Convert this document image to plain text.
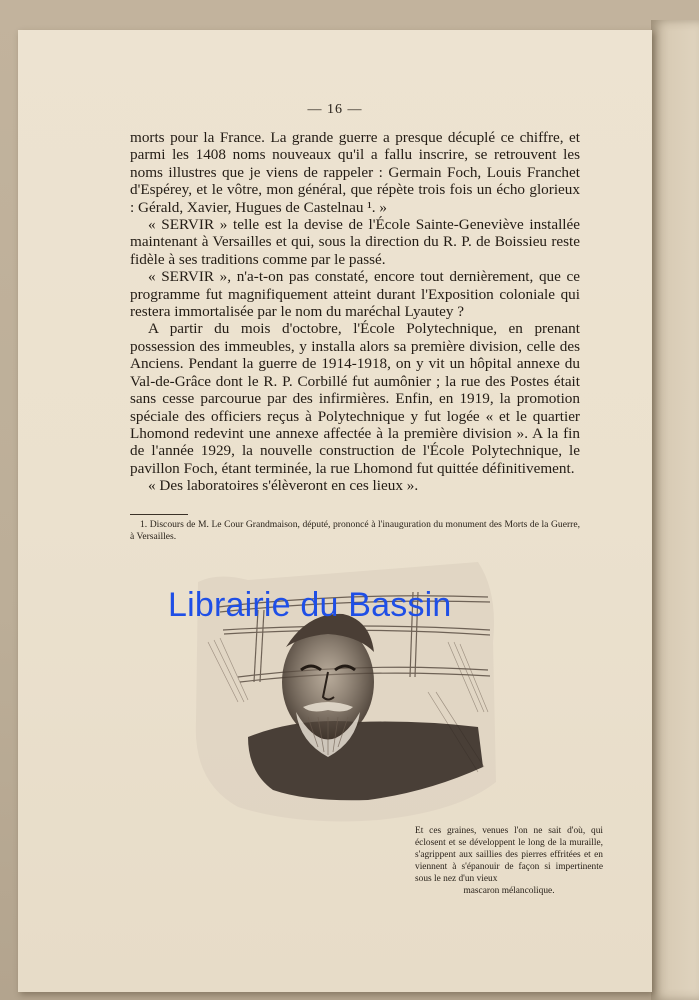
— 16 —

morts pour la France. La grande guerre a presque décuplé ce chiffre, et parmi les 1408 noms nouveaux qu'il a fallu inscrire, se retrouvent les noms illustres que je viens de rappeler : Germain Foch, Louis Franchet d'Espérey, et le vôtre, mon général, que répète trois fois un écho glorieux : Gérald, Xavier, Hugues de Castelnau ¹. »

« SERVIR » telle est la devise de l'École Sainte-Geneviève installée maintenant à Versailles et qui, sous la direction du R. P. de Boissieu reste fidèle à ses traditions comme par le passé.

« SERVIR », n'a-t-on pas constaté, encore tout dernièrement, que ce programme fut magnifiquement atteint durant l'Exposition coloniale qui restera immortalisée par le nom du maréchal Lyautey ?

A partir du mois d'octobre, l'École Polytechnique, en prenant possession des immeubles, y installa alors sa première division, celle des Anciens. Pendant la guerre de 1914-1918, on y vit un hôpital annexe du Val-de-Grâce dont le R. P. Corbillé fut aumônier ; la rue des Postes était sans cesse parcourue par des infirmières. Enfin, en 1919, la promotion spéciale des officiers reçus à Polytechnique y fut logée « et le quartier Lhomond redevint une annexe affectée à la première division ». A la fin de l'année 1929, la nouvelle construction de l'École Polytechnique, le pavillon Foch, étant terminée, la rue Lhomond fut quittée définitivement.

« Des laboratoires s'élèveront en ces lieux ».

1. Discours de M. Le Cour Grandmaison, député, prononcé à l'inauguration du monument des Morts de la Guerre, à Versailles.
Et ces graines, venues l'on ne sait d'où, qui éclosent et se développent le long de la muraille, s'agrippent aux saillies des pierres effritées et en viennent à s'épanouir de façon si impertinente sous le nez d'un vieux
mascaron mélancolique.
Librairie du Bassin
